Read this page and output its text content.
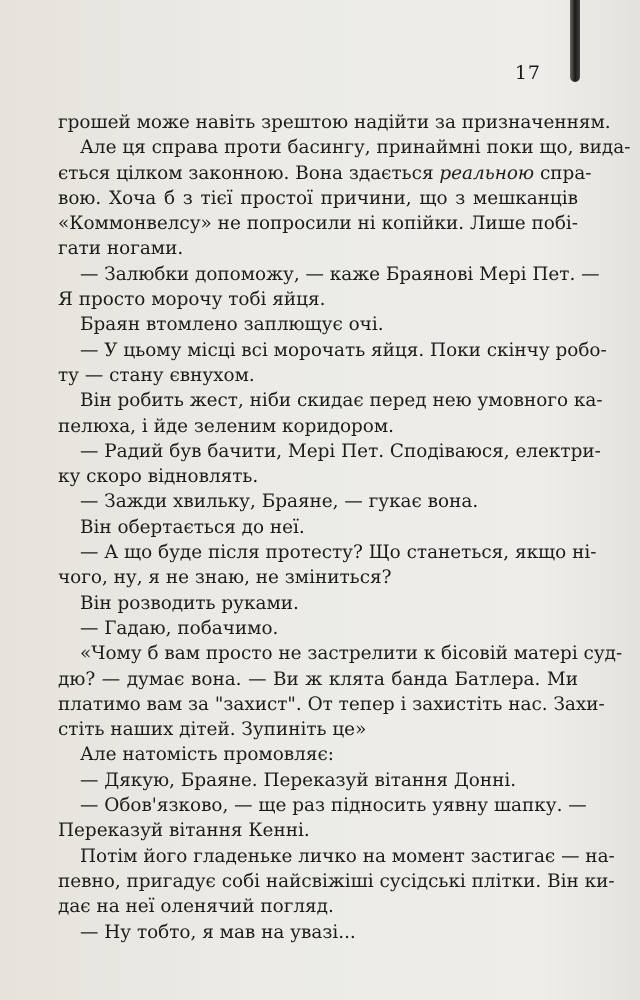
17
грошей може навіть зрештою надійти за призначенням.
Але ця справа проти басингу, принаймні поки що, вида-
ється цілком законною. Вона здається реальною спра-
вою. Хоча б з тієї простої причини, що з мешканців
«Коммонвелсу» не попросили ні копійки. Лише побі-
гати ногами.
— Залюбки допоможу, — каже Браянові Мері Пет. —
Я просто морочу тобі яйця.
Браян втомлено заплющує очі.
— У цьому місці всі морочать яйця. Поки скінчу робо-
ту — стану євнухом.
Він робить жест, ніби скидає перед нею умовного ка-
пелюха, і йде зеленим коридором.
— Радий був бачити, Мері Пет. Сподіваюся, електри-
ку скоро відновлять.
— Зажди хвильку, Браяне, — гукає вона.
Він обертається до неї.
— А що буде після протесту? Що станеться, якщо ні-
чого, ну, я не знаю, не зміниться?
Він розводить руками.
— Гадаю, побачимо.
«Чому б вам просто не застрелити к бісовій матері суд-
дю? — думає вона. — Ви ж клята банда Батлера. Ми
платимо вам за "захист". От тепер і захистіть нас. Захи-
стіть наших дітей. Зупиніть це»
Але натомість промовляє:
— Дякую, Браяне. Переказуй вітання Донні.
— Обов'язково, — ще раз підносить уявну шапку. —
Переказуй вітання Кенні.
Потім його гладеньке личко на момент застигає — на-
певно, пригадує собі найсвіжіші сусідські плітки. Він ки-
дає на неї оленячий погляд.
— Ну тобто, я мав на увазі...
